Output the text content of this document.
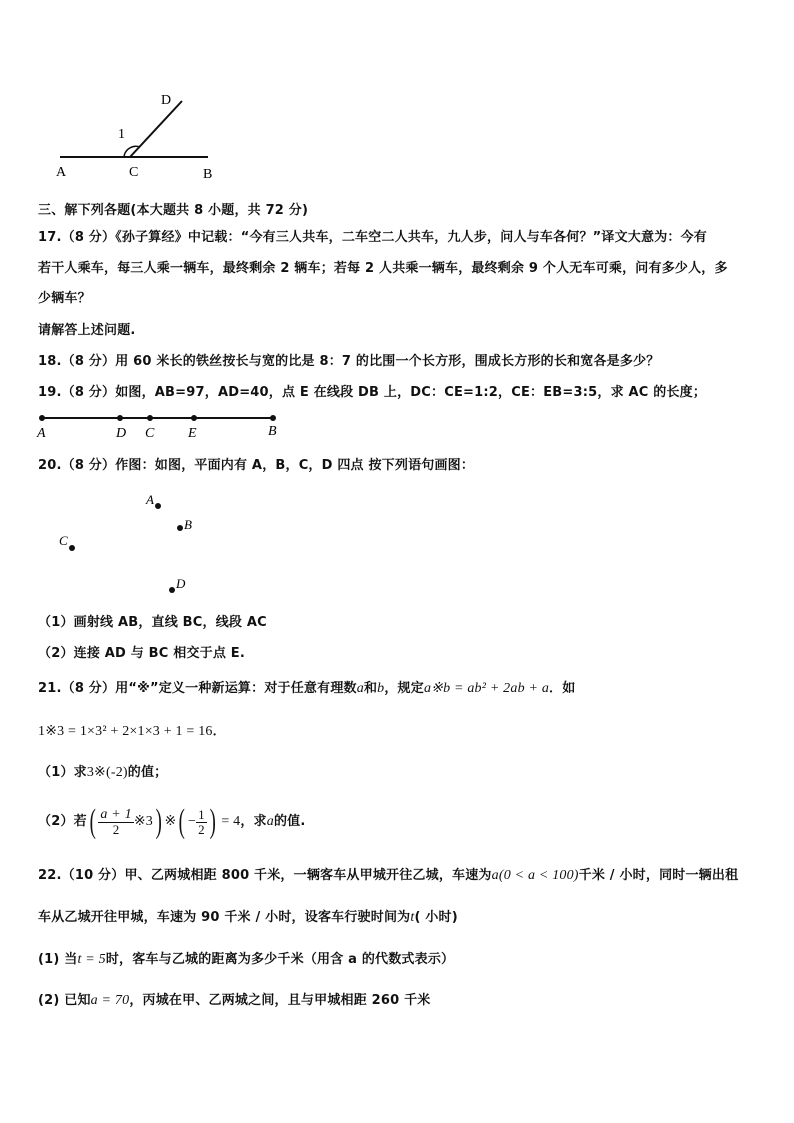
D
1
A	C	B
三、解下列各题(本大题共 8 小题，共 72 分)
17.（8 分）《孙子算经》中记载：“今有三人共车，二车空二人共车，九人步，问人与车各何？”译文大意为：今有
若干人乘车，每三人乘一辆车，最终剩余 2 辆车；若每 2 人共乘一辆车，最终剩余 9 个人无车可乘，问有多少人，多
少辆车？
请解答上述问题.
18.（8 分）用 60 米长的铁丝按长与宽的比是 8：7 的比围一个长方形，围成长方形的长和宽各是多少？
19.（8 分）如图，AB=97，AD=40，点 E 在线段 DB 上，DC：CE=1:2，CE：EB=3:5，求 AC 的长度；
A	D C E	B
20.（8 分）作图：如图，平面内有 A，B，C，D 四点 按下列语句画图：
A
B
C
D
（1）画射线 AB，直线 BC，线段 AC
（2）连接 AD 与 BC 相交于点 E.
21.（8 分）用“※”定义一种新运算：对于任意有理数a和b，规定a※b = ab² + 2ab + a．如
1※3 = 1×3² + 2×1×3 + 1 = 16．
（1）求3※(-2)的值；
（2）若 ( $\frac{a + 1}{2}$ ※3 ) ※ ( − $\frac{1}{2}$ ) = 4 ，求 a 的值.
22.（10 分）甲、乙两城相距 800 千米，一辆客车从甲城开往乙城，车速为a(0 < a < 100)千米 / 小时，同时一辆出租
车从乙城开往甲城，车速为 90 千米 / 小时，设客车行驶时间为t( 小时)
(1) 当t = 5时，客车与乙城的距离为多少千米（用含 a 的代数式表示）
(2) 已知a = 70，丙城在甲、乙两城之间，且与甲城相距 260 千米
